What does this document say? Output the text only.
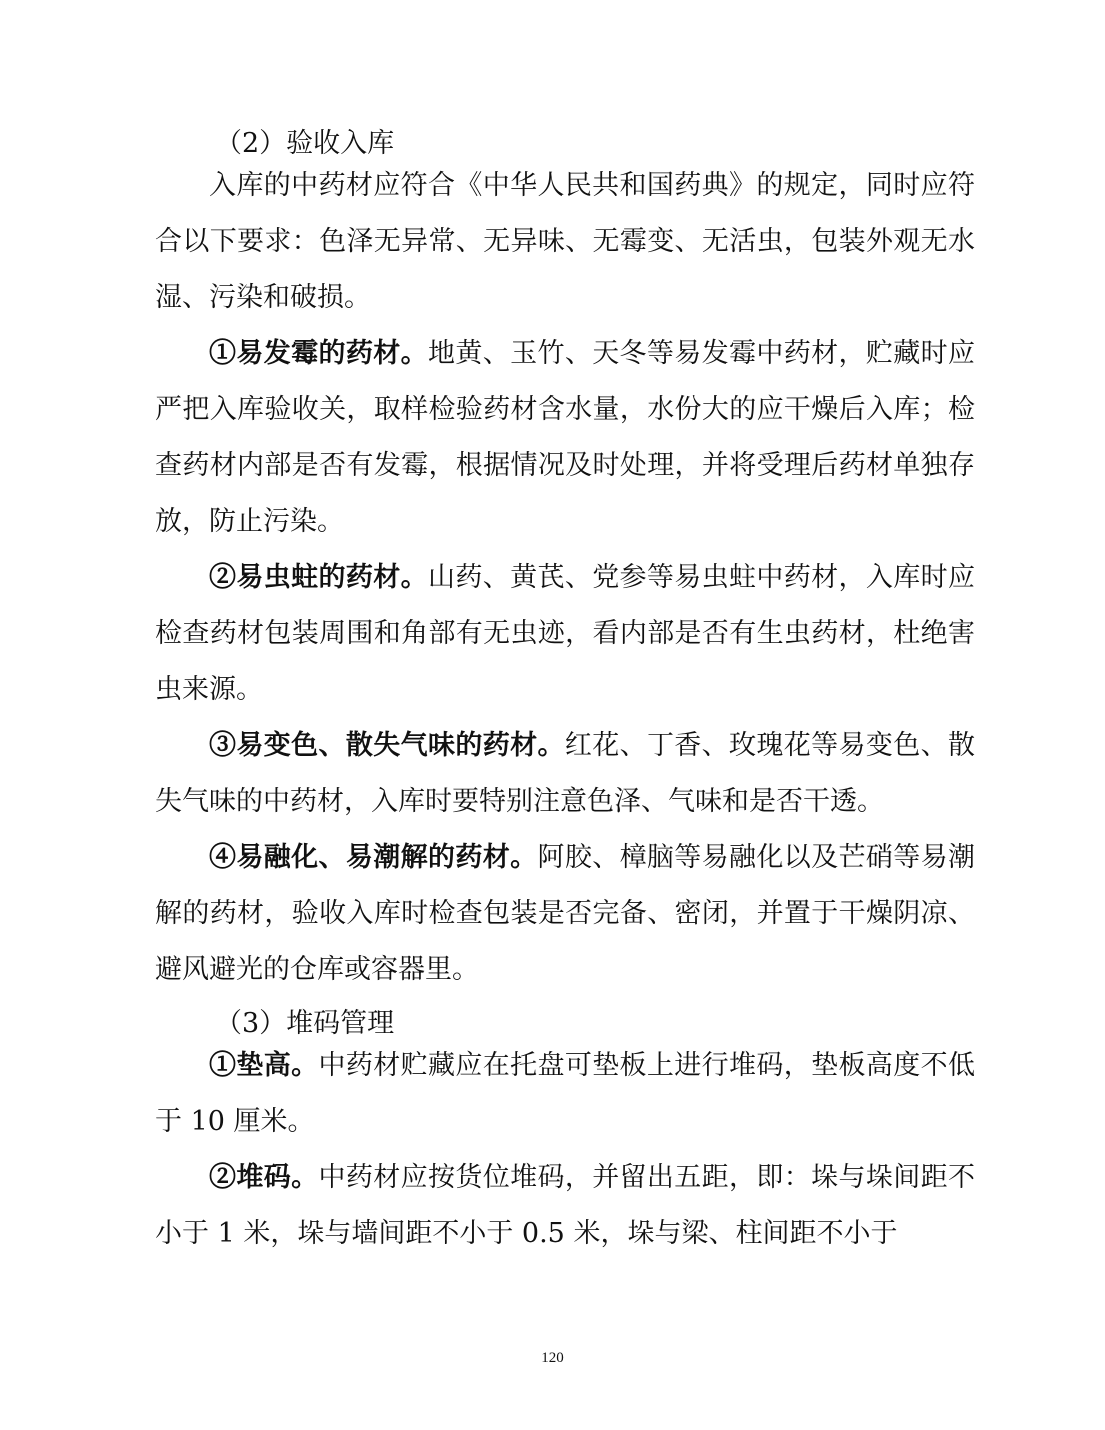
（2）验收入库

入库的中药材应符合《中华人民共和国药典》的规定，同时应符合以下要求：色泽无异常、无异味、无霉变、无活虫，包装外观无水湿、污染和破损。

①易发霉的药材。地黄、玉竹、天冬等易发霉中药材，贮藏时应严把入库验收关，取样检验药材含水量，水份大的应干燥后入库；检查药材内部是否有发霉，根据情况及时处理，并将受理后药材单独存放，防止污染。

②易虫蛀的药材。山药、黄芪、党参等易虫蛀中药材，入库时应检查药材包装周围和角部有无虫迹，看内部是否有生虫药材，杜绝害虫来源。

③易变色、散失气味的药材。红花、丁香、玫瑰花等易变色、散失气味的中药材，入库时要特别注意色泽、气味和是否干透。

④易融化、易潮解的药材。阿胶、樟脑等易融化以及芒硝等易潮解的药材，验收入库时检查包装是否完备、密闭，并置于干燥阴凉、避风避光的仓库或容器里。

（3）堆码管理

①垫高。中药材贮藏应在托盘可垫板上进行堆码，垫板高度不低于 10 厘米。

②堆码。中药材应按货位堆码，并留出五距，即：垛与垛间距不小于 1 米，垛与墙间距不小于 0.5 米，垛与梁、柱间距不小于

120
